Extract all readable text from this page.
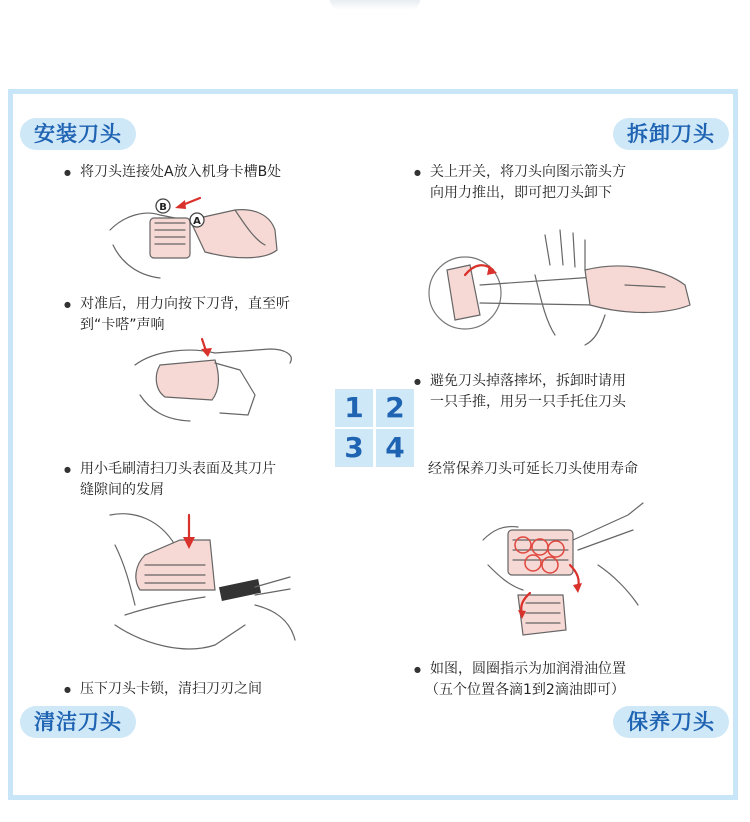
安装刀头	拆卸刀头
清洁刀头	保养刀头
● 将刀头连接处A放入机身卡槽B处
● 对准后，用力向按下刀背，直至听
到“卡嗒”声响
● 用小毛刷清扫刀头表面及其刀片
缝隙间的发屑
● 压下刀头卡锁，清扫刀刃之间
● 关上开关，将刀头向图示箭头方
向用力推出，即可把刀头卸下
● 避免刀头掉落摔坏，拆卸时请用
一只手推，用另一只手托住刀头
经常保养刀头可延长刀头使用寿命
● 如图，圆圈指示为加润滑油位置
（五个位置各滴1到2滴油即可）
1 2
3 4
B
A
